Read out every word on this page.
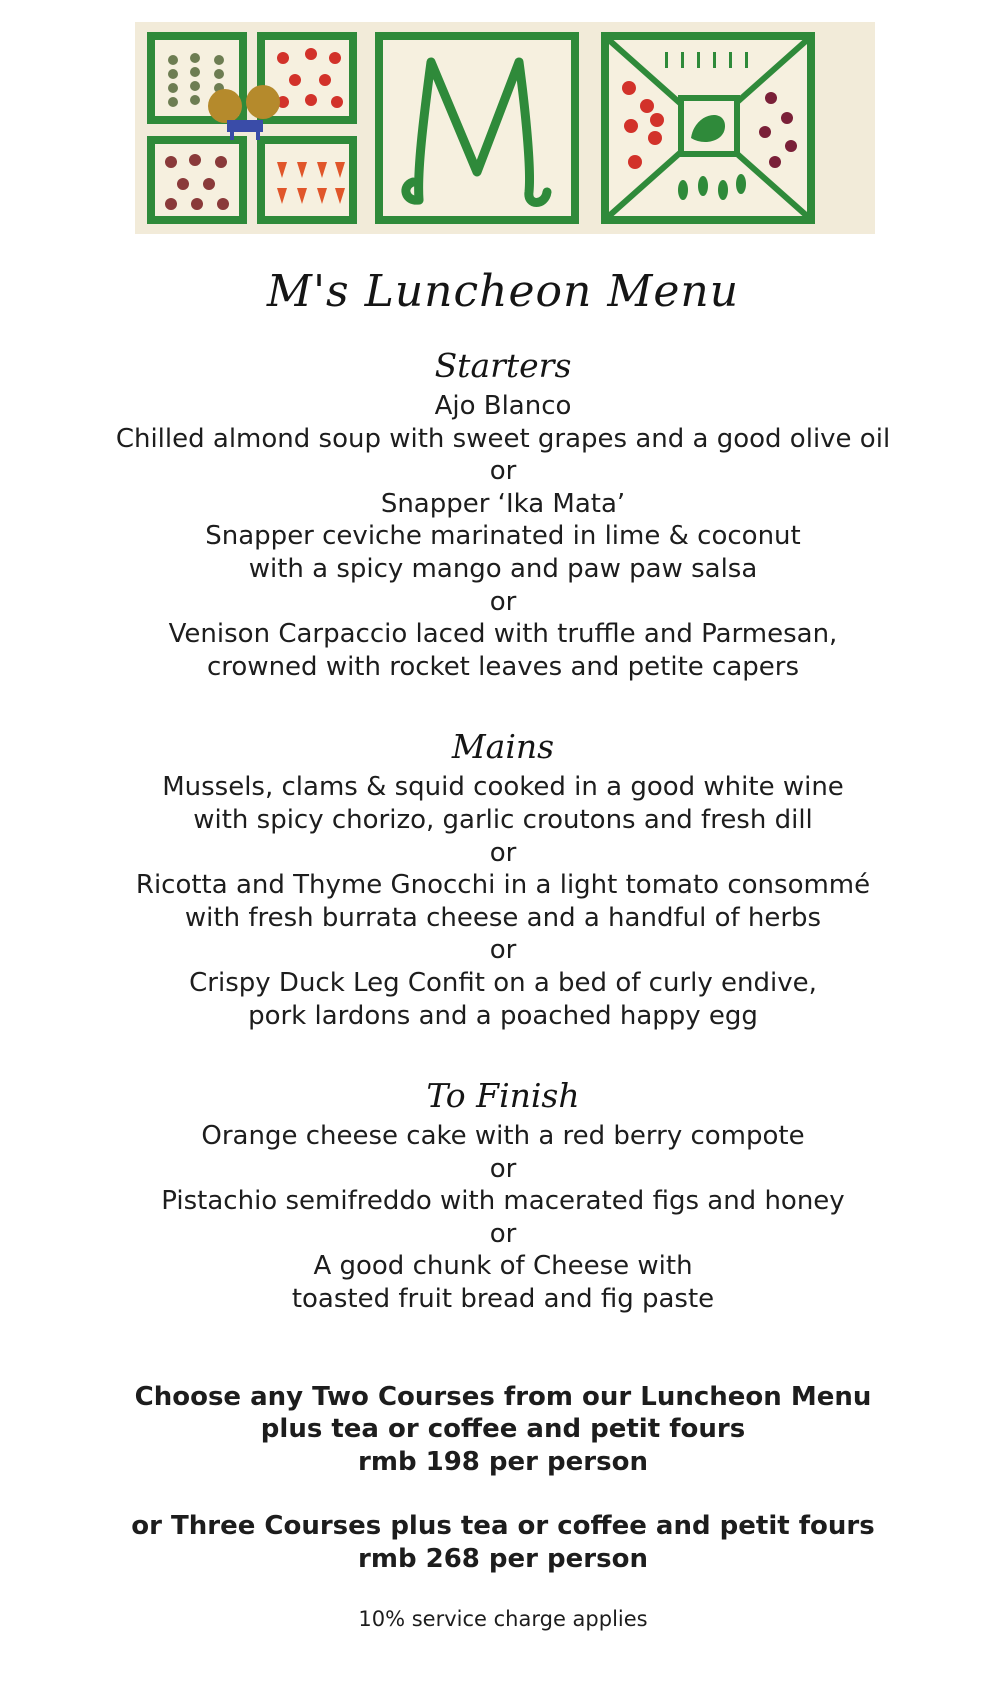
M's Luncheon Menu
Starters
Ajo Blanco
Chilled almond soup with sweet grapes and a good olive oil
or
Snapper ‘Ika Mata’
Snapper ceviche marinated in lime & coconut
with a spicy mango and paw paw salsa
or
Venison Carpaccio laced with truffle and Parmesan,
crowned with rocket leaves and petite capers
Mains
Mussels, clams & squid cooked in a good white wine
with spicy chorizo, garlic croutons and fresh dill
or
Ricotta and Thyme Gnocchi in a light tomato consommé
with fresh burrata cheese and a handful of herbs
or
Crispy Duck Leg Confit on a bed of curly endive,
pork lardons and a poached happy egg
To Finish
Orange cheese cake with a red berry compote
or
Pistachio semifreddo with macerated figs and honey
or
A good chunk of Cheese with
toasted fruit bread and fig paste
Choose any Two Courses from our Luncheon Menu
plus tea or coffee and petit fours
rmb 198 per person
or Three Courses plus tea or coffee and petit fours
rmb 268 per person
10% service charge applies
